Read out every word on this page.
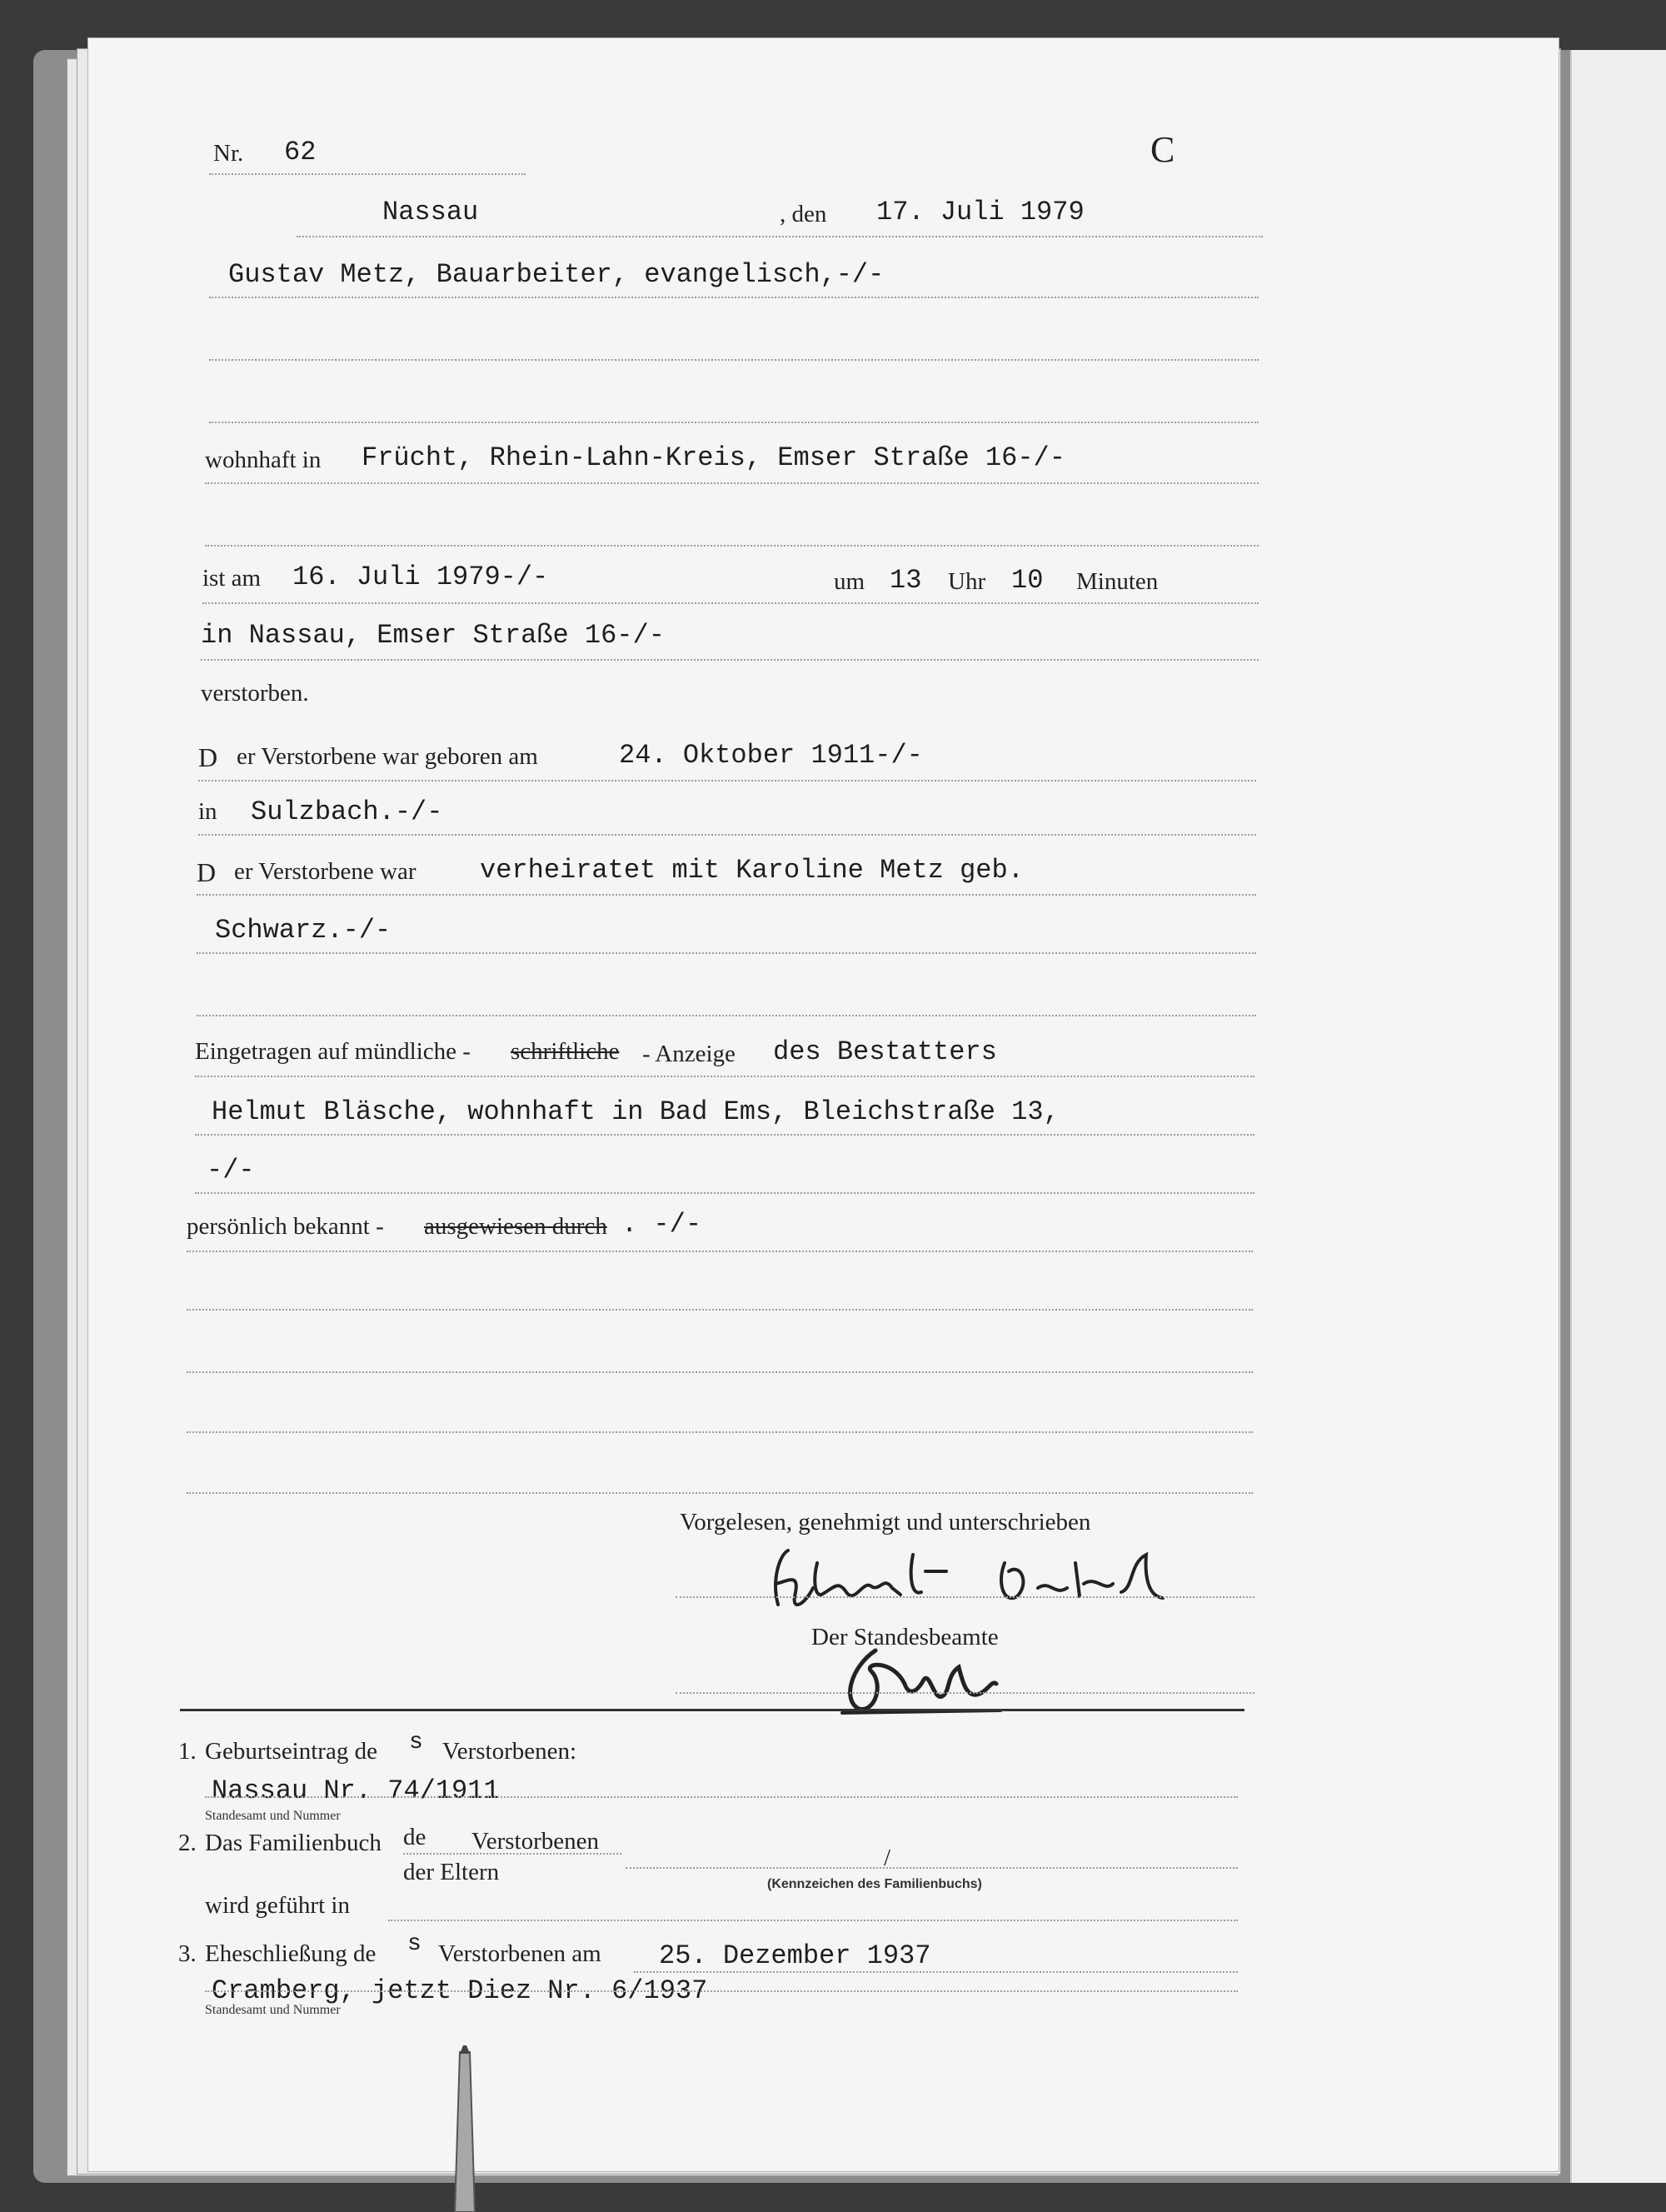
Nr. 62	C
Nassau	, den 17. Juli 1979
Gustav Metz, Bauarbeiter, evangelisch,-/-
wohnhaft in Frücht, Rhein-Lahn-Kreis, Emser Straße 16-/-
ist am 16. Juli 1979-/-	um 13 Uhr 10 Minuten
in Nassau, Emser Straße 16-/-
verstorben.
D er Verstorbene war geboren am	24. Oktober 1911-/-
in Sulzbach.-/-
D er Verstorbene war verheiratet mit Karoline Metz geb.
Schwarz.-/-
Eingetragen auf mündliche - schriftliche - Anzeige des Bestatters
Helmut Bläsche, wohnhaft in Bad Ems, Bleichstraße 13,
-/-
persönlich bekannt - ausgewiesen durch . -/-
Vorgelesen, genehmigt und unterschrieben
Der Standesbeamte
1. Geburtseintrag de s Verstorbenen:
Nassau Nr. 74/1911
Standesamt und Nummer
2. Das Familienbuch de Verstorbenen
der Eltern
/
(Kennzeichen des Familienbuchs)
wird geführt in
3. Eheschließung de s Verstorbenen am 25. Dezember 1937
Cramberg, jetzt Diez Nr. 6/1937
Standesamt und Nummer
